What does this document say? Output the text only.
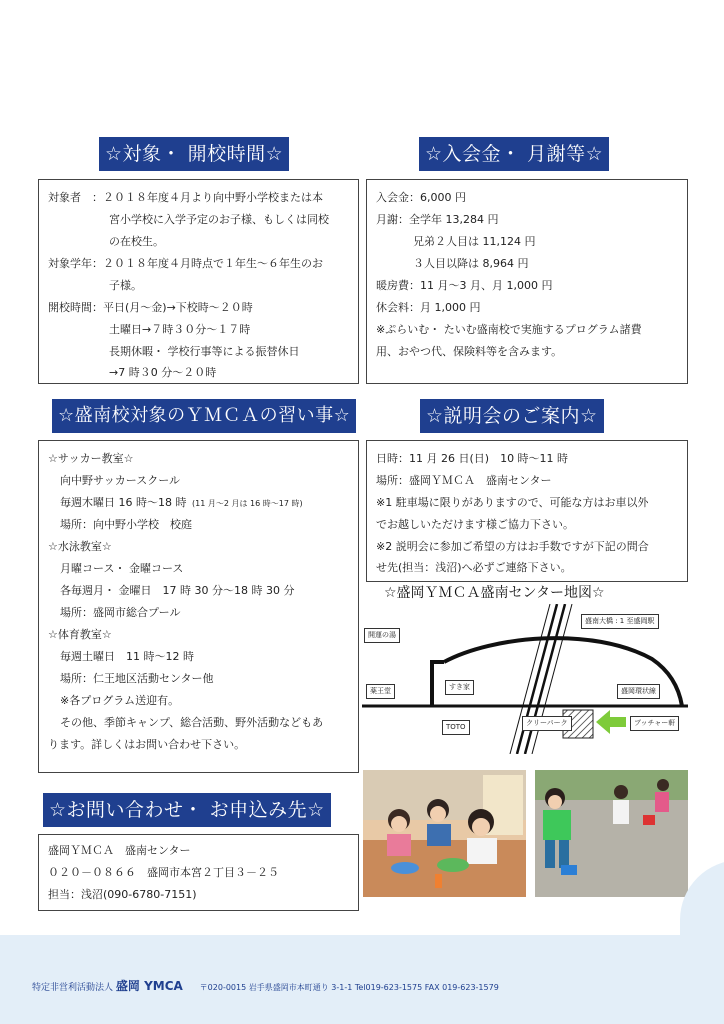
☆対象・ 開校時間☆
対象者　：２０１８年度４月より向中野小学校または本
宮小学校に入学予定のお子様、もしくは同校
の在校生。
対象学年：２０１８年度４月時点で１年生～６年生のお
子様。
開校時間：平日(月～金)→下校時～２０時
土曜日→７時３０分～１７時
長期休暇・ 学校行事等による振替休日
→7 時３0 分～２０時
☆入会金・ 月謝等☆
入会金：6,000 円
月謝：全学年 13,284 円
兄弟２人目は 11,124 円
３人目以降は 8,964 円
暖房費：11 月～3 月、月 1,000 円
休会料：月 1,000 円
※ぷらいむ・ たいむ盛南校で実施するプログラム諸費
用、おやつ代、保険料等を含みます。
☆盛南校対象のＹＭＣＡの習い事☆
☆サッカー教室☆
向中野サッカースクール
毎週木曜日 16 時～18 時 (11 月～2 月は 16 時～17 時)
場所：向中野小学校　校庭
☆水泳教室☆
月曜コース・ 金曜コース
各毎週月・ 金曜日　17 時 30 分～18 時 30 分
場所：盛岡市総合プール
☆体育教室☆
毎週土曜日　11 時～12 時
場所：仁王地区活動センター他
※各プログラム送迎有。
その他、季節キャンプ、総合活動、野外活動などもあ
ります。詳しくはお問い合わせ下さい。
☆説明会のご案内☆
日時：11 月 26 日(日)　10 時～11 時
場所：盛岡ＹＭＣＡ　盛南センター
※1 駐車場に限りがありますので、可能な方はお車以外
でお越しいただけます様ご協力下さい。
※2 説明会に参加ご希望の方はお手数ですが下記の問合
せ先(担当：浅沼)へ必ずご連絡下さい。
☆盛岡ＹＭＣＡ盛南センター地図☆
開運の湯
盛南大橋 : 1 至盛岡駅
薬王堂	すき家	盛岡環状線
TOTO	クリーパーク	ブッチャー軒
☆お問い合わせ・ お申込み先☆
盛岡ＹＭＣＡ　盛南センター
０２０－０８６６　盛岡市本宮２丁目３－２５
担当：浅沼(090-6780-7151)
特定非営利活動法人 盛岡 YMCA 〒020-0015 岩手県盛岡市本町通り 3-1-1 Tel019-623-1575 FAX 019-623-1579
